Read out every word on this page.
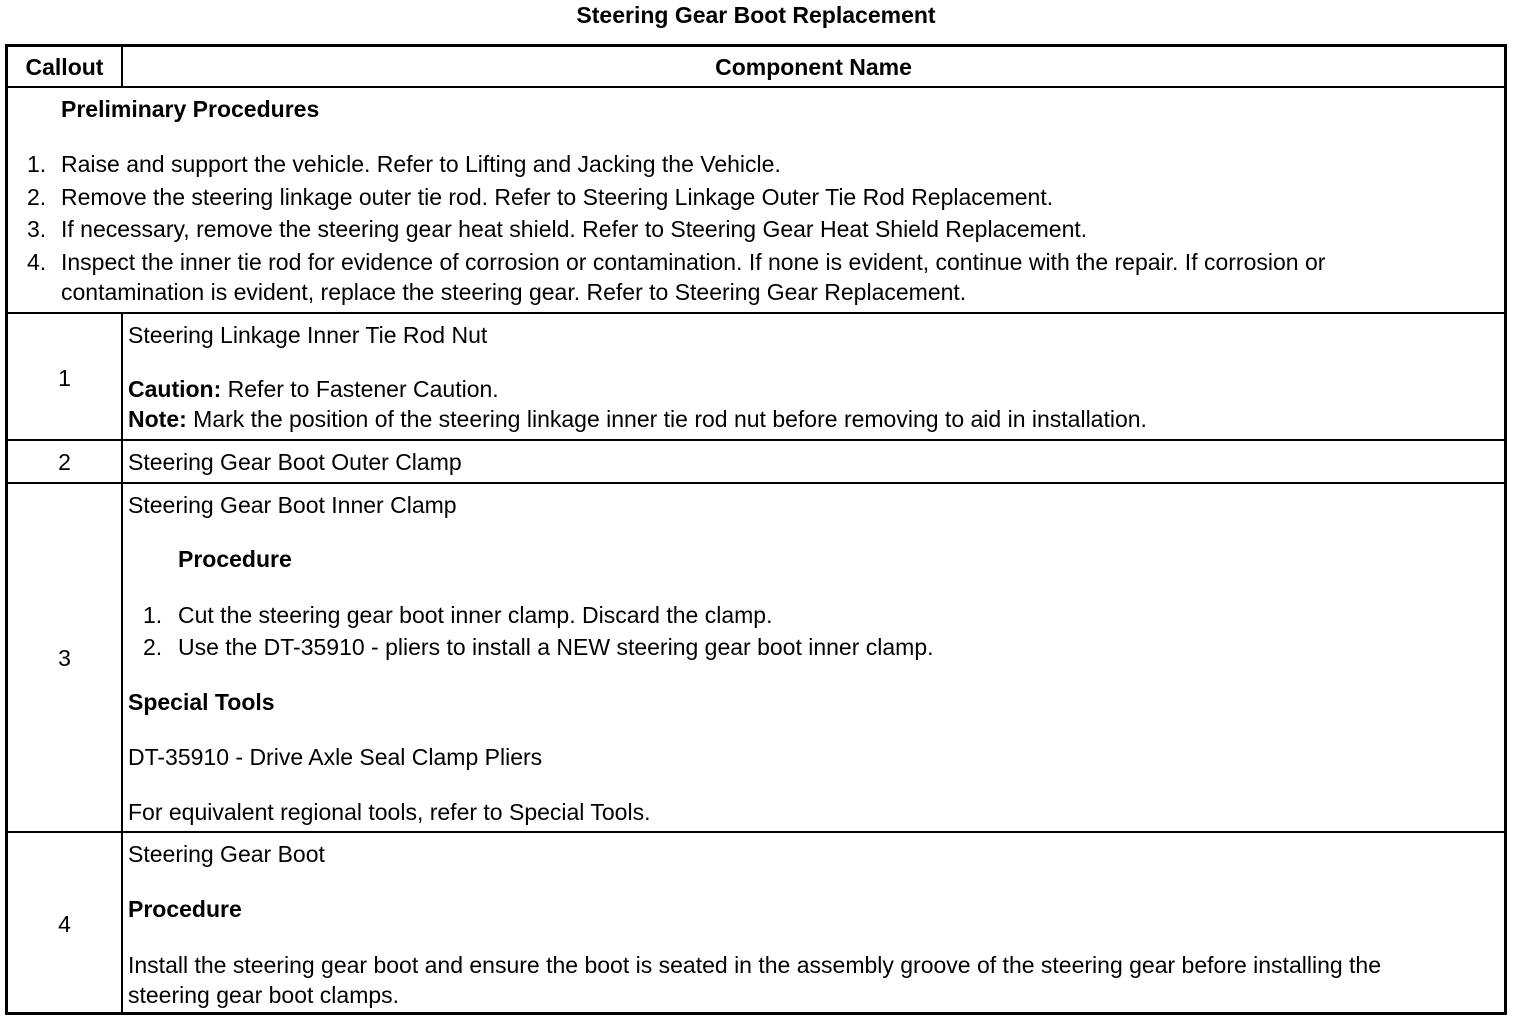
Steering Gear Boot Replacement
Callout	Component Name
Preliminary Procedures
1. Raise and support the vehicle. Refer to Lifting and Jacking the Vehicle.
2. Remove the steering linkage outer tie rod. Refer to Steering Linkage Outer Tie Rod Replacement.
3. If necessary, remove the steering gear heat shield. Refer to Steering Gear Heat Shield Replacement.
4. Inspect the inner tie rod for evidence of corrosion or contamination. If none is evident, continue with the repair. If corrosion or
contamination is evident, replace the steering gear. Refer to Steering Gear Replacement.
1
Steering Linkage Inner Tie Rod Nut
Caution: Refer to Fastener Caution.
Note: Mark the position of the steering linkage inner tie rod nut before removing to aid in installation.
2	Steering Gear Boot Outer Clamp
3
Steering Gear Boot Inner Clamp
Procedure
1. Cut the steering gear boot inner clamp. Discard the clamp.
2. Use the DT-35910 - pliers to install a NEW steering gear boot inner clamp.
Special Tools
DT-35910 - Drive Axle Seal Clamp Pliers
For equivalent regional tools, refer to Special Tools.
4
Steering Gear Boot
Procedure
Install the steering gear boot and ensure the boot is seated in the assembly groove of the steering gear before installing the
steering gear boot clamps.
